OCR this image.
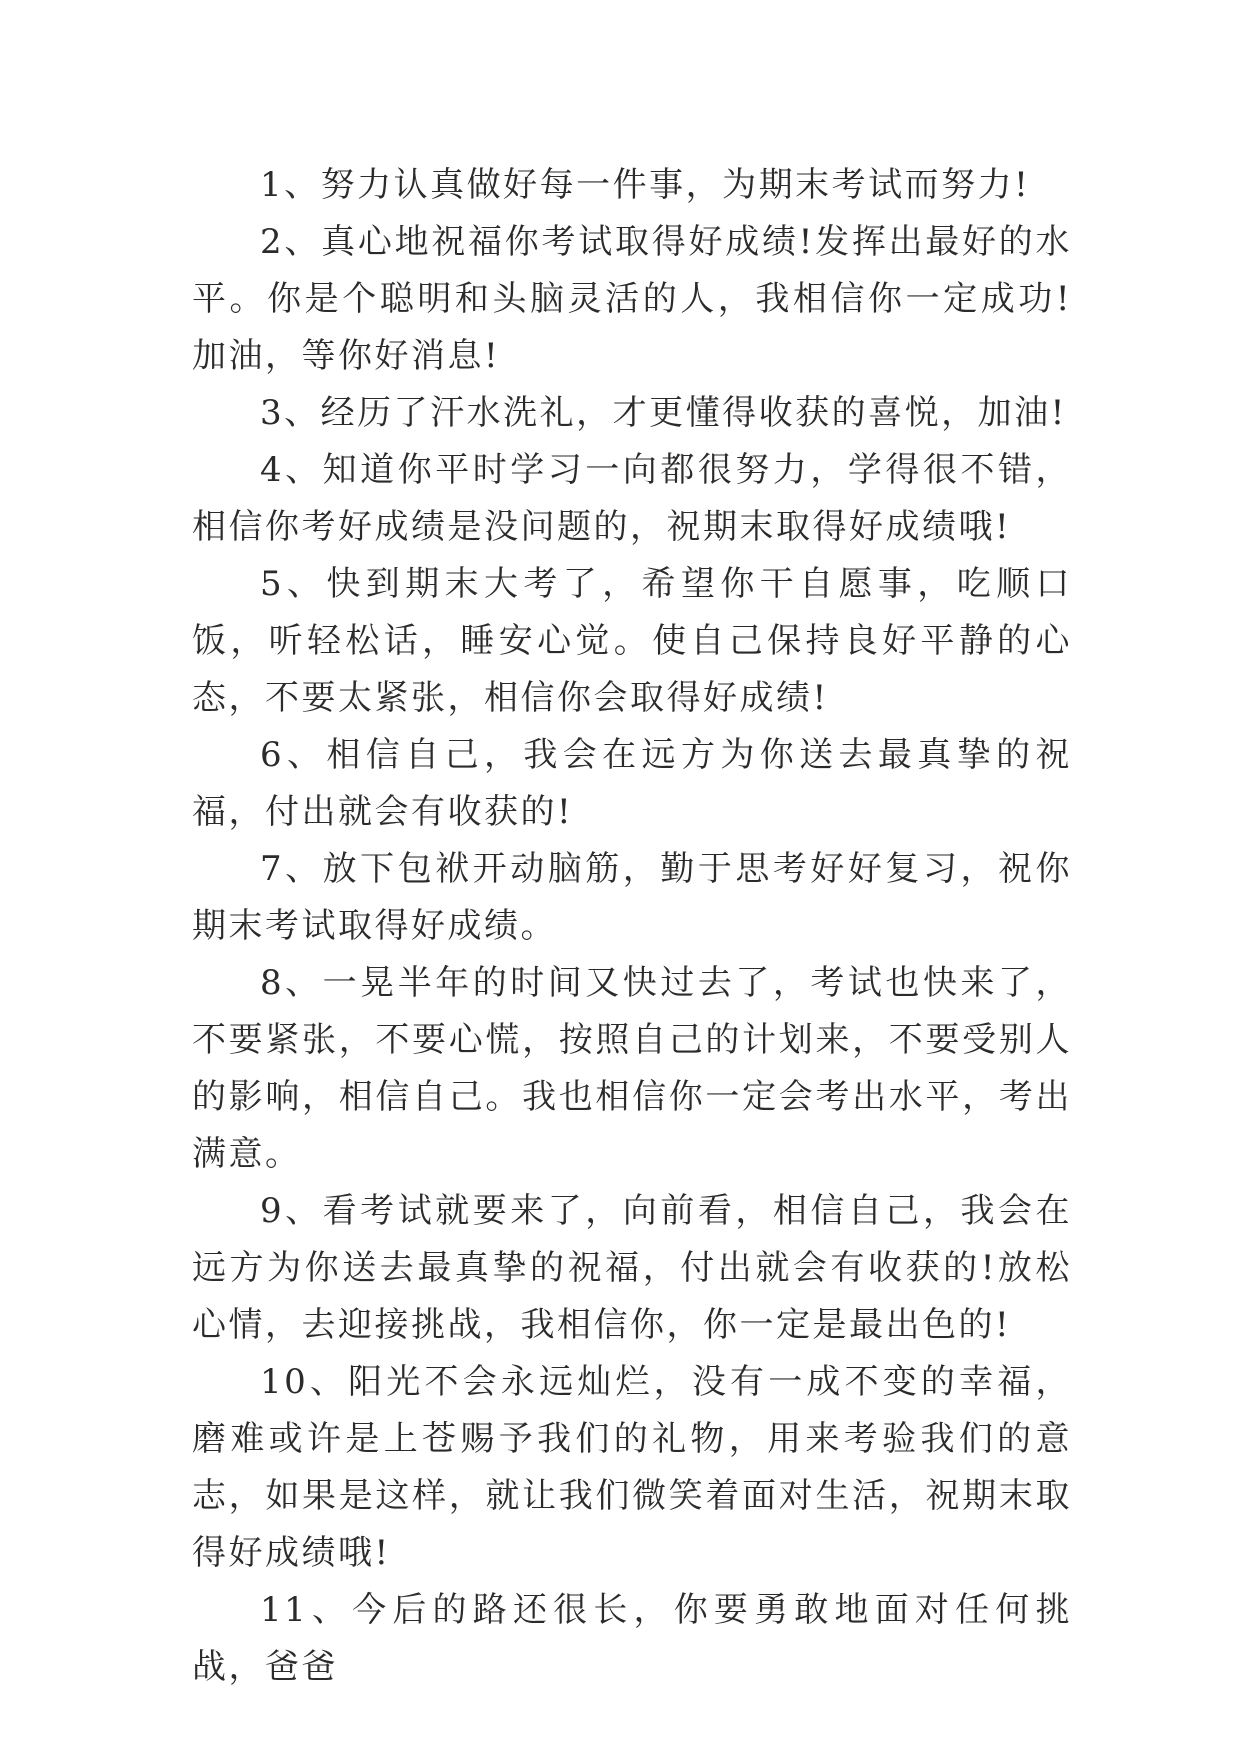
1、努力认真做好每一件事，为期末考试而努力!

2、真心地祝福你考试取得好成绩!发挥出最好的水平。你是个聪明和头脑灵活的人，我相信你一定成功!加油，等你好消息!

3、经历了汗水洗礼，才更懂得收获的喜悦，加油!

4、知道你平时学习一向都很努力，学得很不错，相信你考好成绩是没问题的，祝期末取得好成绩哦!

5、快到期末大考了，希望你干自愿事，吃顺口饭，听轻松话，睡安心觉。使自己保持良好平静的心态，不要太紧张，相信你会取得好成绩!

6、相信自己，我会在远方为你送去最真挚的祝福，付出就会有收获的!

7、放下包袱开动脑筋，勤于思考好好复习，祝你期末考试取得好成绩。

8、一晃半年的时间又快过去了，考试也快来了，不要紧张，不要心慌，按照自己的计划来，不要受别人的影响，相信自己。我也相信你一定会考出水平，考出满意。

9、看考试就要来了，向前看，相信自己，我会在远方为你送去最真挚的祝福，付出就会有收获的!放松心情，去迎接挑战，我相信你，你一定是最出色的!

10、阳光不会永远灿烂，没有一成不变的幸福，磨难或许是上苍赐予我们的礼物，用来考验我们的意志，如果是这样，就让我们微笑着面对生活，祝期末取得好成绩哦!

11、今后的路还很长，你要勇敢地面对任何挑战，爸爸
